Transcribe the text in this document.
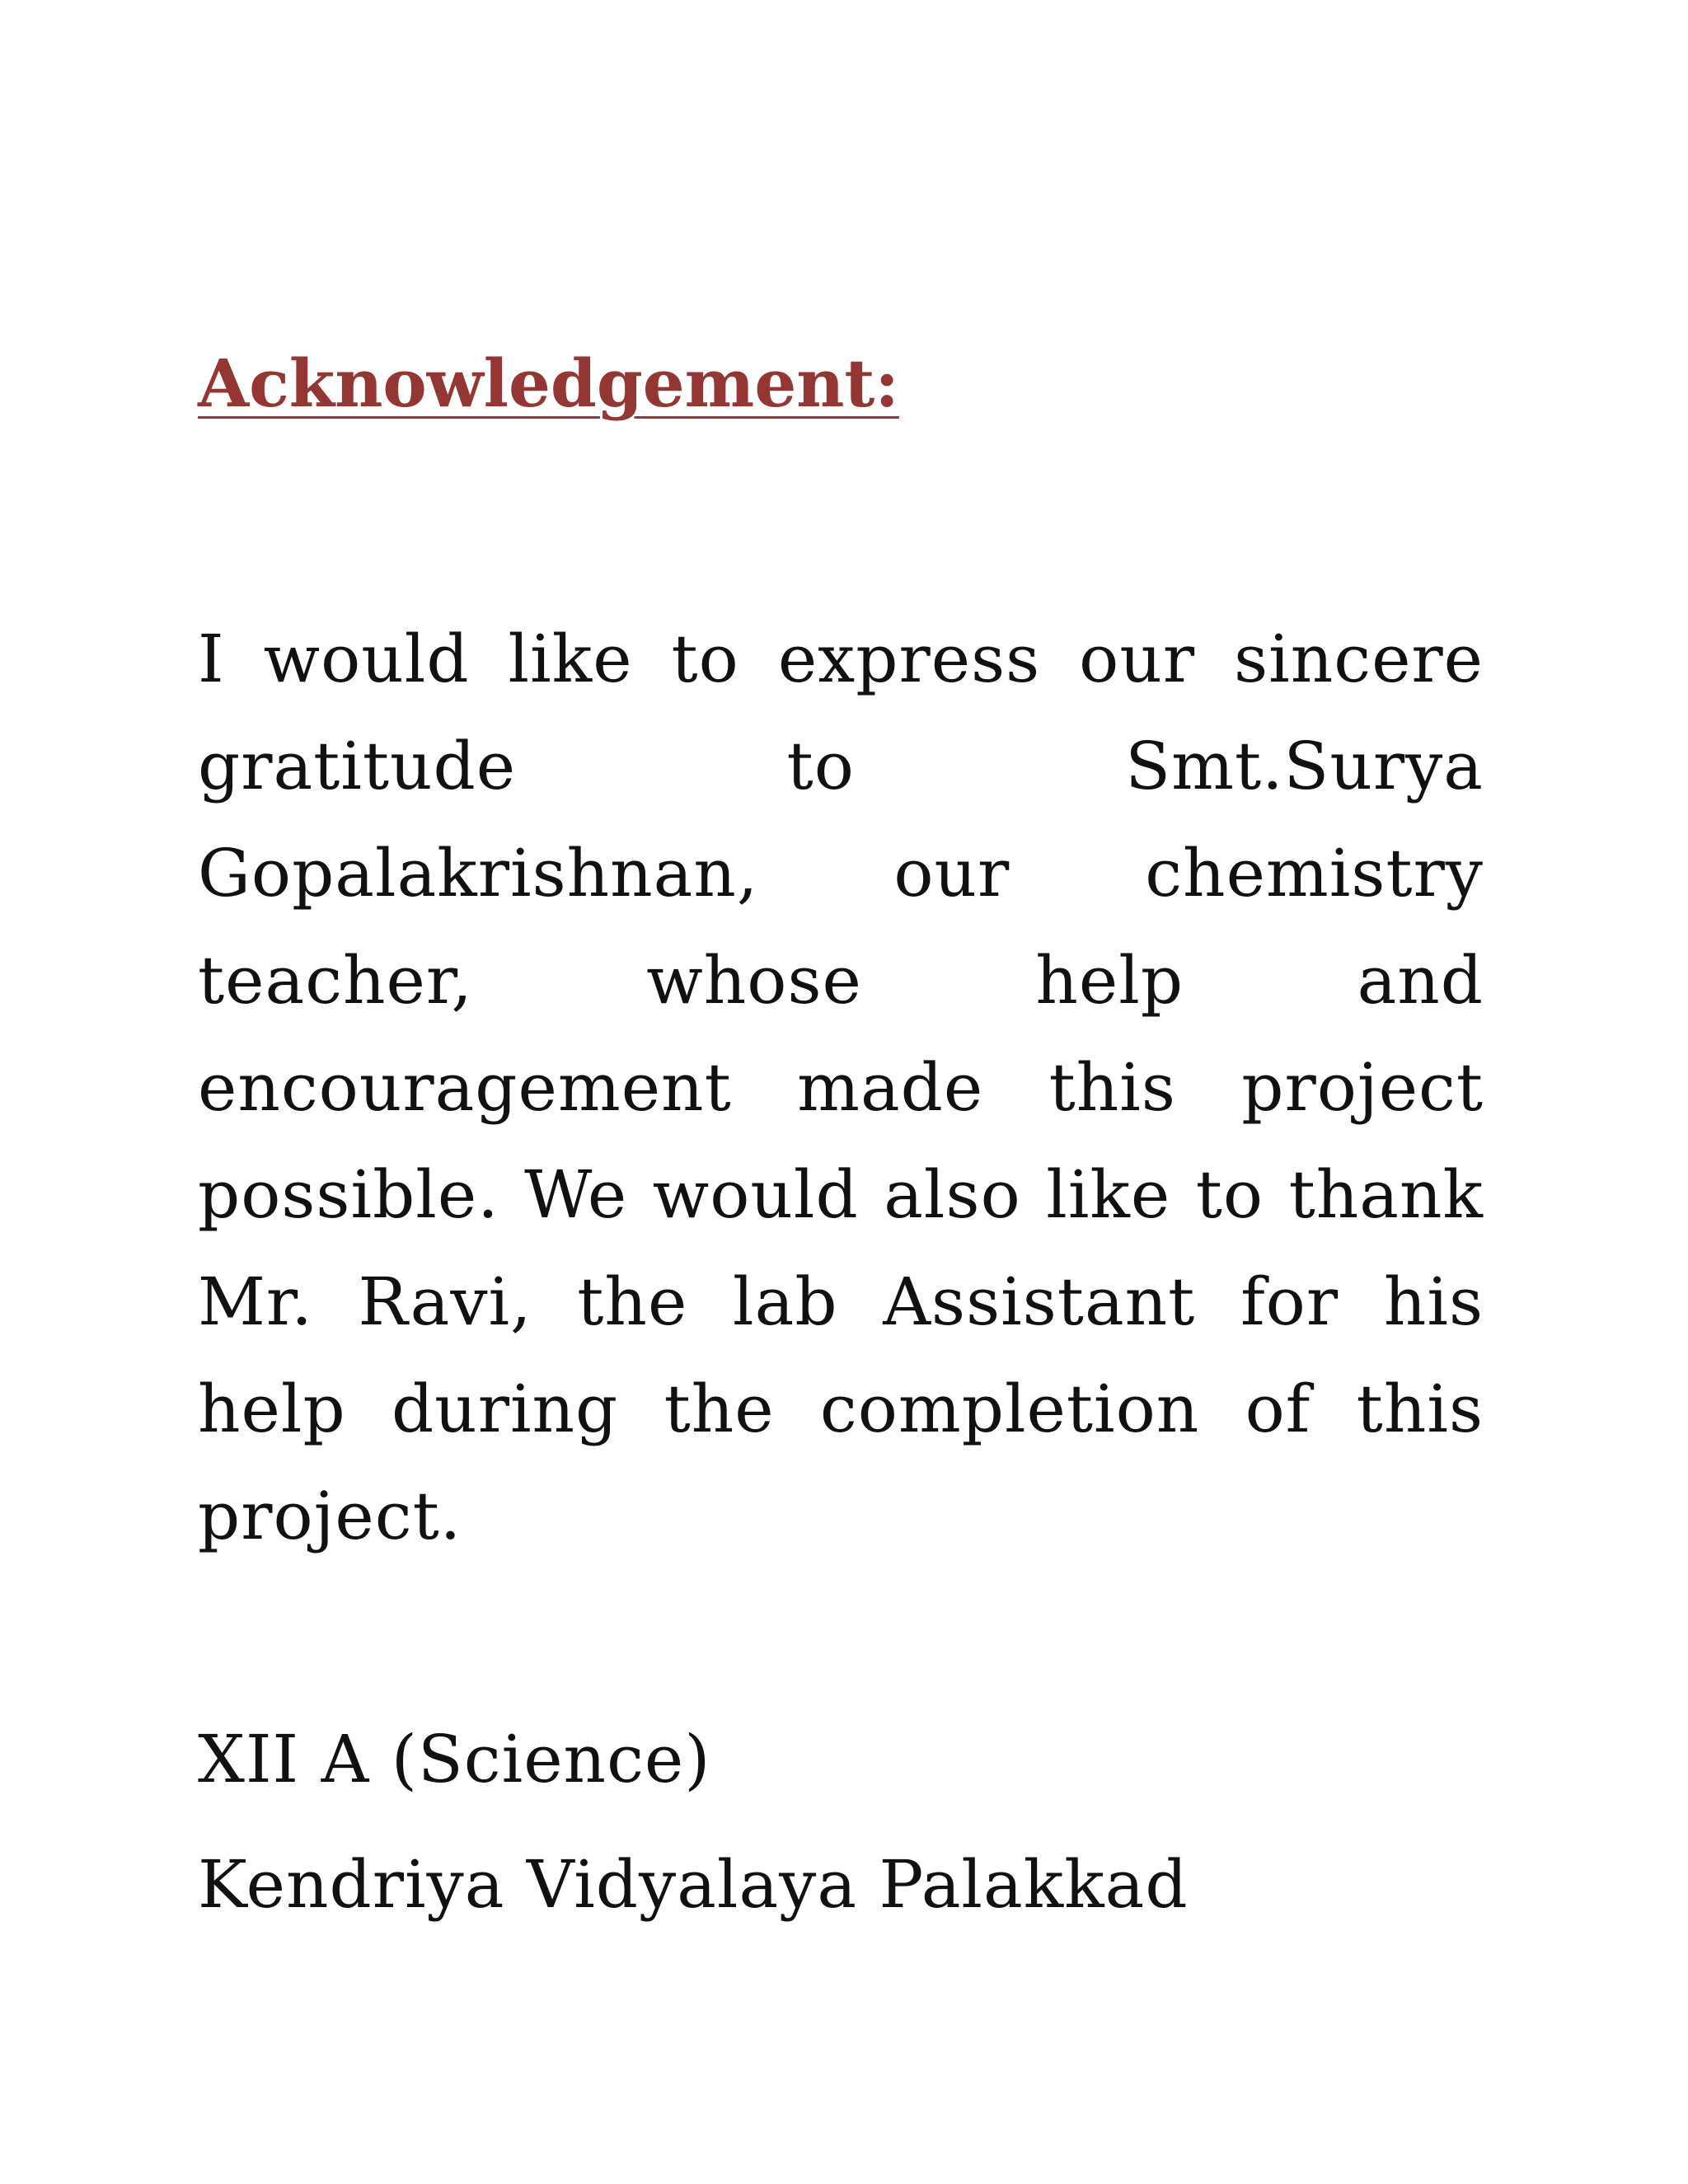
Acknowledgement:

I would like to express our sincere gratitude to Smt.Surya Gopalakrishnan, our chemistry teacher, whose help and encouragement made this project possible. We would also like to thank Mr. Ravi, the lab Assistant for his help during the completion of this project.

XII A (Science)

Kendriya Vidyalaya Palakkad
